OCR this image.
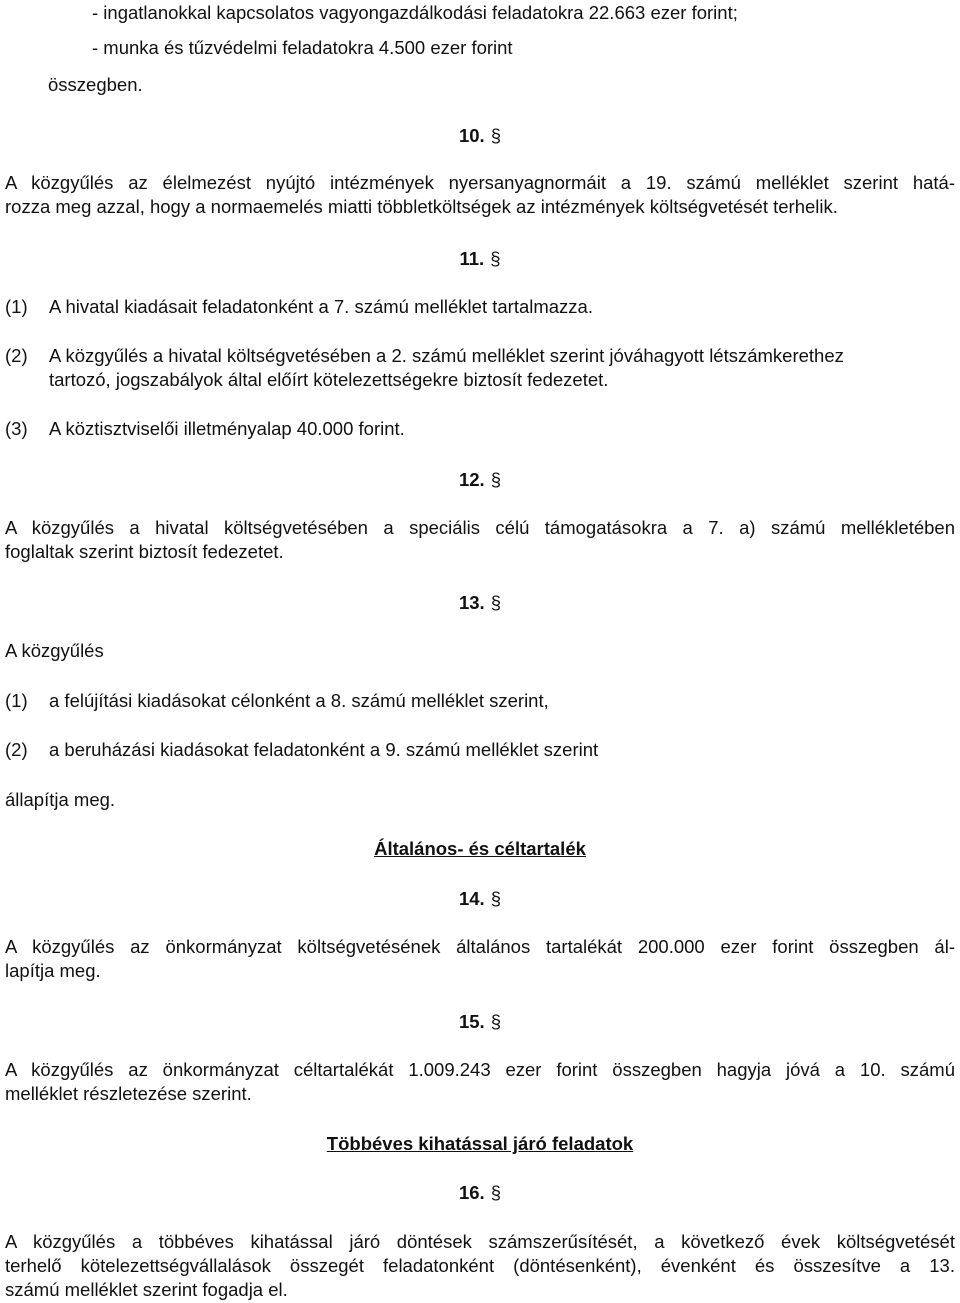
- ingatlanokkal kapcsolatos vagyongazdálkodási feladatokra 22.663 ezer forint;
- munka és tűzvédelmi feladatokra 4.500 ezer forint
összegben.
10. §
A közgyűlés az élelmezést nyújtó intézmények nyersanyagnormáit a 19. számú melléklet szerint hatá-
rozza meg azzal, hogy a normaemelés miatti többletköltségek az intézmények költségvetését terhelik.
11. §
(1) A hivatal kiadásait feladatonként a 7. számú melléklet tartalmazza.
(2) A közgyűlés a hivatal költségvetésében a 2. számú melléklet szerint jóváhagyott létszámkerethez
tartozó, jogszabályok által előírt kötelezettségekre biztosít fedezetet.
(3) A köztisztviselői illetményalap 40.000 forint.
12. §
A közgyűlés a hivatal költségvetésében a speciális célú támogatásokra a 7. a) számú mellékletében
foglaltak szerint biztosít fedezetet.
13. §
A közgyűlés
(1) a felújítási kiadásokat célonként a 8. számú melléklet szerint,
(2) a beruházási kiadásokat feladatonként a 9. számú melléklet szerint
állapítja meg.
Általános- és céltartalék
14. §
A közgyűlés az önkormányzat költségvetésének általános tartalékát 200.000 ezer forint összegben ál-
lapítja meg.
15. §
A közgyűlés az önkormányzat céltartalékát 1.009.243 ezer forint összegben hagyja jóvá a 10. számú
melléklet részletezése szerint.
Többéves kihatással járó feladatok
16. §
A közgyűlés a többéves kihatással járó döntések számszerűsítését, a következő évek költségvetését
terhelő kötelezettségvállalások összegét feladatonként (döntésenként), évenként és összesítve a 13.
számú melléklet szerint fogadja el.
